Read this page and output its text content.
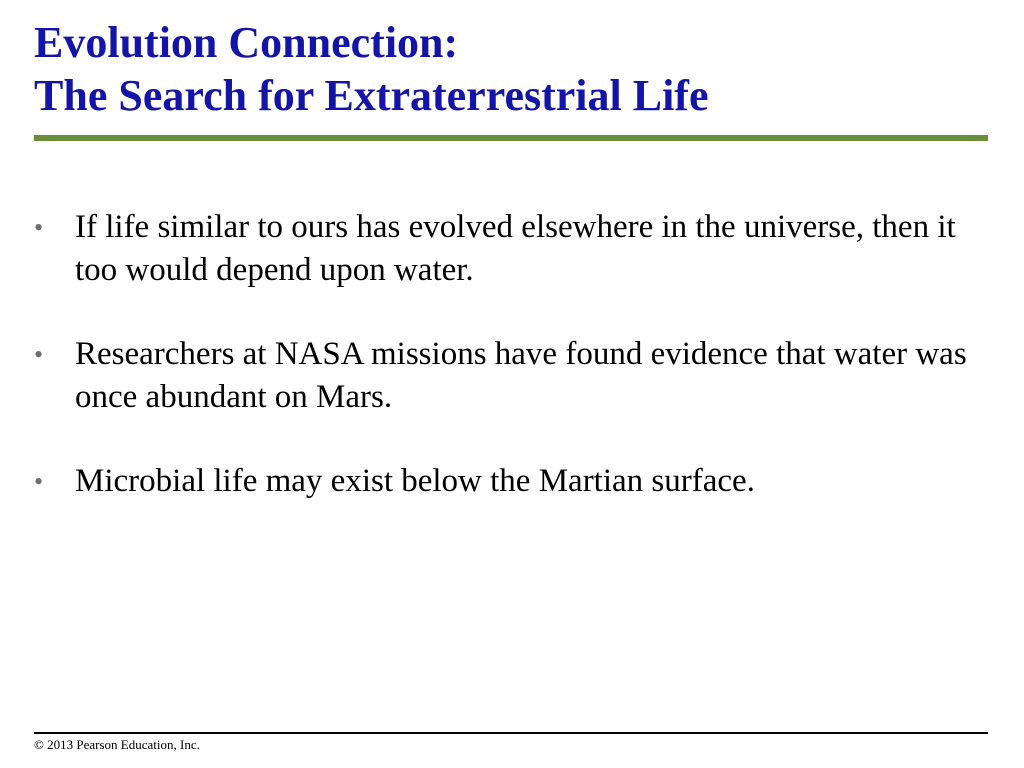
Evolution Connection:
The Search for Extraterrestrial Life
• If life similar to ours has evolved elsewhere in the universe, then it too would depend upon water.
• Researchers at NASA missions have found evidence that water was once abundant on Mars.
• Microbial life may exist below the Martian surface.
© 2013 Pearson Education, Inc.
